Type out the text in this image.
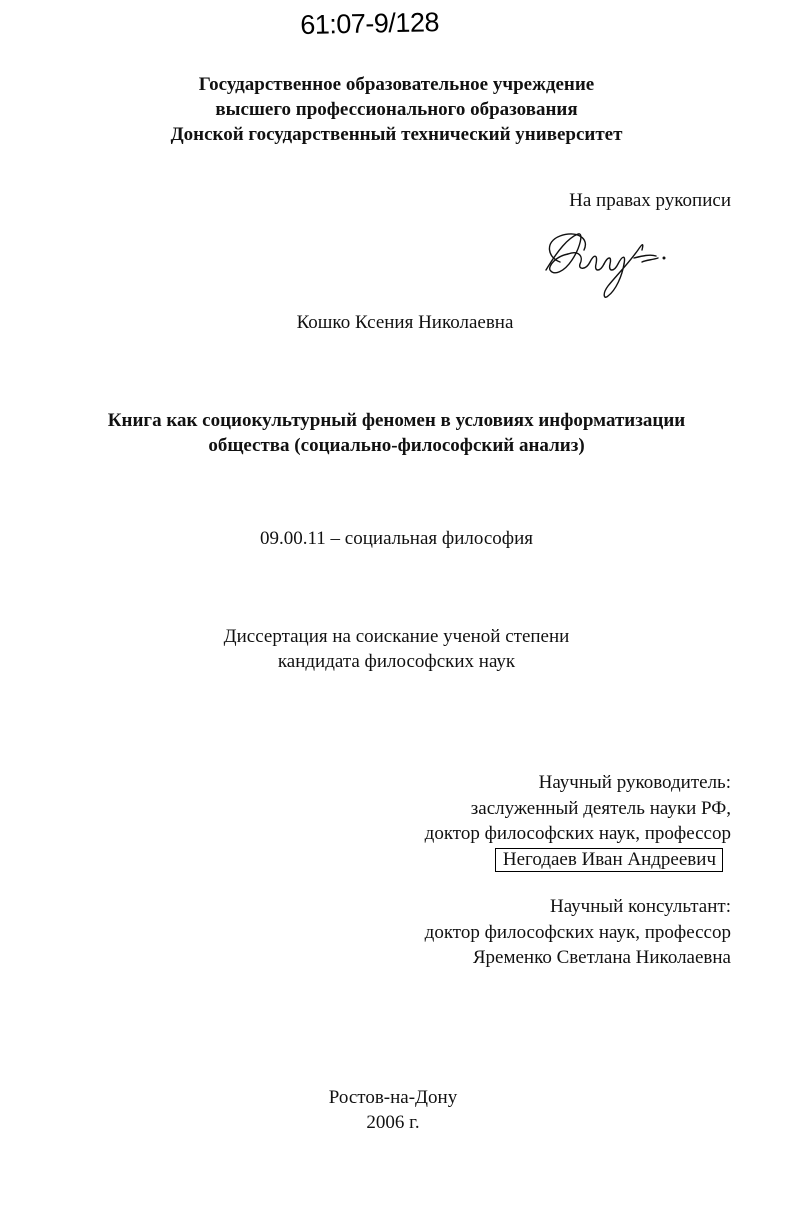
61:07-9/128
Государственное образовательное учреждение
высшего профессионального образования
Донской государственный технический университет
На правах рукописи
Кошко Ксения Николаевна
Книга как социокультурный феномен в условиях информатизации
общества (социально-философский анализ)
09.00.11 – социальная философия
Диссертация на соискание ученой степени
кандидата философских наук
Научный руководитель:
заслуженный деятель науки РФ,
доктор философских наук, профессор
Негодаев Иван Андреевич
Научный консультант:
доктор философских наук, профессор
Яременко Светлана Николаевна
Ростов-на-Дону
2006 г.
